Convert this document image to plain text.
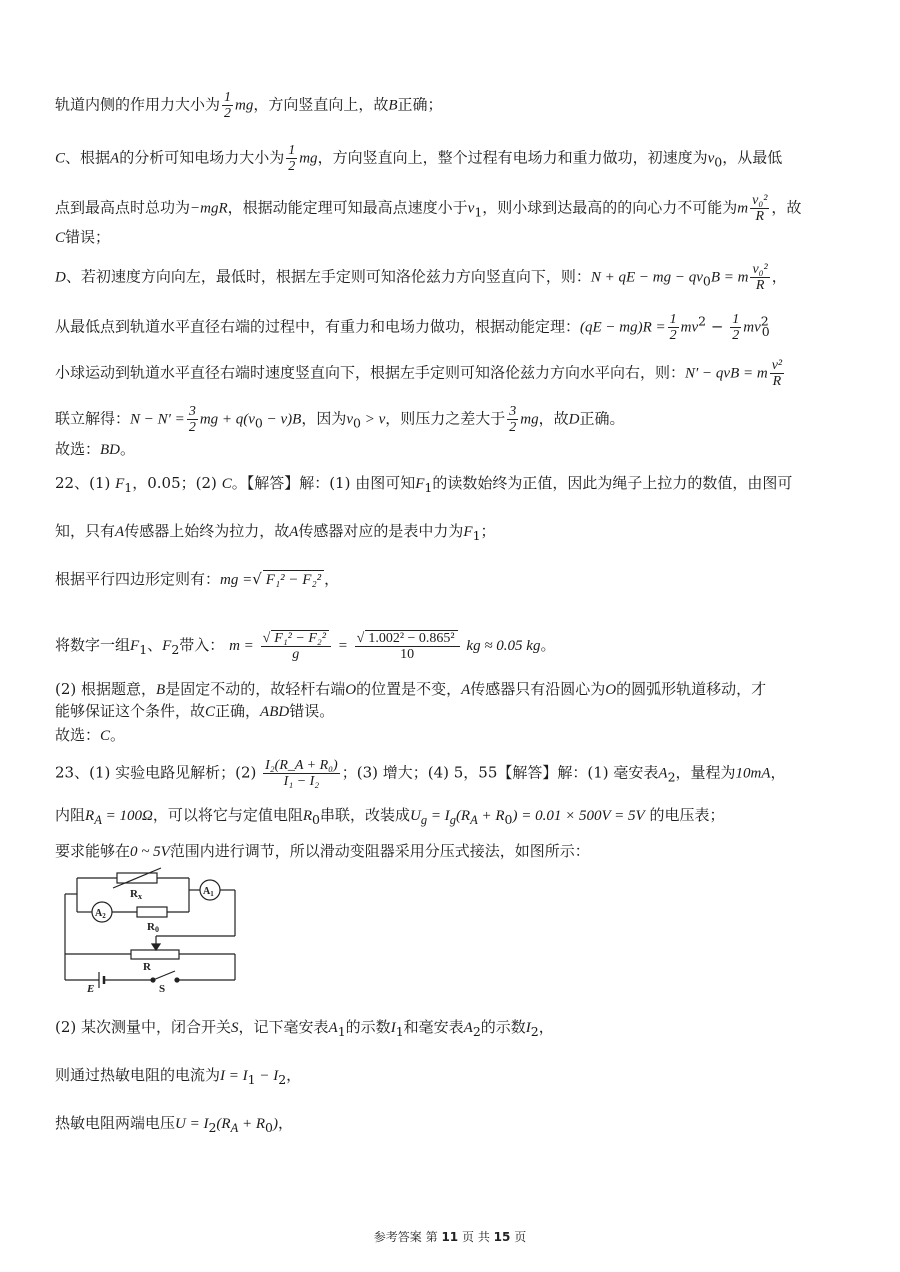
轨道内侧的作用力大小为 $\frac{1}{2}$ mg，方向竖直向上，故B正确；
C、根据A的分析可知电场力大小为 $\frac{1}{2}$ mg，方向竖直向上，整个过程有电场力和重力做功，初速度为$v_0$，从最低
点到最高点时总功为−mgR，根据动能定理可知最高点速度小于$v_1$，则小球到达最高的的向心力不可能为m $\frac{\text{v₀²}}{R}$ ，故
C错误；
D、若初速度方向向左，最低时，根据左手定则可知洛伦兹力方向竖直向下，则：N + qE − mg − $qv_0B = m \frac{\text{v₀²}}{R}$ ，
从最低点到轨道水平直径右端的过程中，有重力和电场力做功，根据动能定理：$(qE - mg)R = \frac{1}{2} mv^2 - \frac{1}{2} mv^2_0$
小球运动到轨道水平直径右端时速度竖直向下，根据左手定则可知洛伦兹力方向水平向右，则：N′ − qvB = m $\frac{\text{v²}}{R}$
联立解得：$N - N' = \frac{3}{2}$ mg + $q(v_0 - v)B$，因为$v_0 > v$，则压力之差大于 $\frac{3}{2}$ mg，故D正确。
故选：BD。
22、(1) $F_1$，0.05；(2) C。【解答】解：(1) 由图可知$F_1$的读数始终为正值，因此为绳子上拉力的数值，由图可
知，只有A传感器上始终为拉力，故A传感器对应的是表中力为$F_1$；
根据平行四边形定则有：mg =√ F₁² − F₂² ，
将数字一组$F_1$、$F_2$带入： $m = \frac{\text{√ F₁² − F₂²}}{g} = \frac{\text{√ 1.002² − 0.865²}}{10}$ kg ≈ 0.05 kg。
(2) 根据题意，B是固定不动的，故轻杆右端O的位置是不变，A传感器只有沿圆心为O的圆弧形轨道移动，才
能够保证这个条件，故C正确，ABD错误。
故选：C。
23、(1) 实验电路见解析；$(2) \frac{\text{I₂(R\_A + R₀)}}{\text{I₁ − I₂}}$ ；(3) 增大；(4) 5，55【解答】解：(1) 毫安表$A_2$，量程为10mA，
内阻$R_A = 100\Omega$，可以将它与定值电阻$R_0$串联，改装成$U_g = I_g(R_A + R_0) = 0.01 \times 500V = 5V$ 的电压表；
要求能够在0 ~ 5V范围内进行调节，所以滑动变阻器采用分压式接法，如图所示：
Rx	$A_1$
$A_2$
R0
R
E	S
(2) 某次测量中，闭合开关S，记下毫安表$A_1$的示数$I_1$和毫安表$A_2$的示数$I_2$，
则通过热敏电阻的电流为$I = I_1 - I_2$，
热敏电阻两端电压$U = I_2(R_A + R_0)$，
参考答案 第 11 页 共 15 页
